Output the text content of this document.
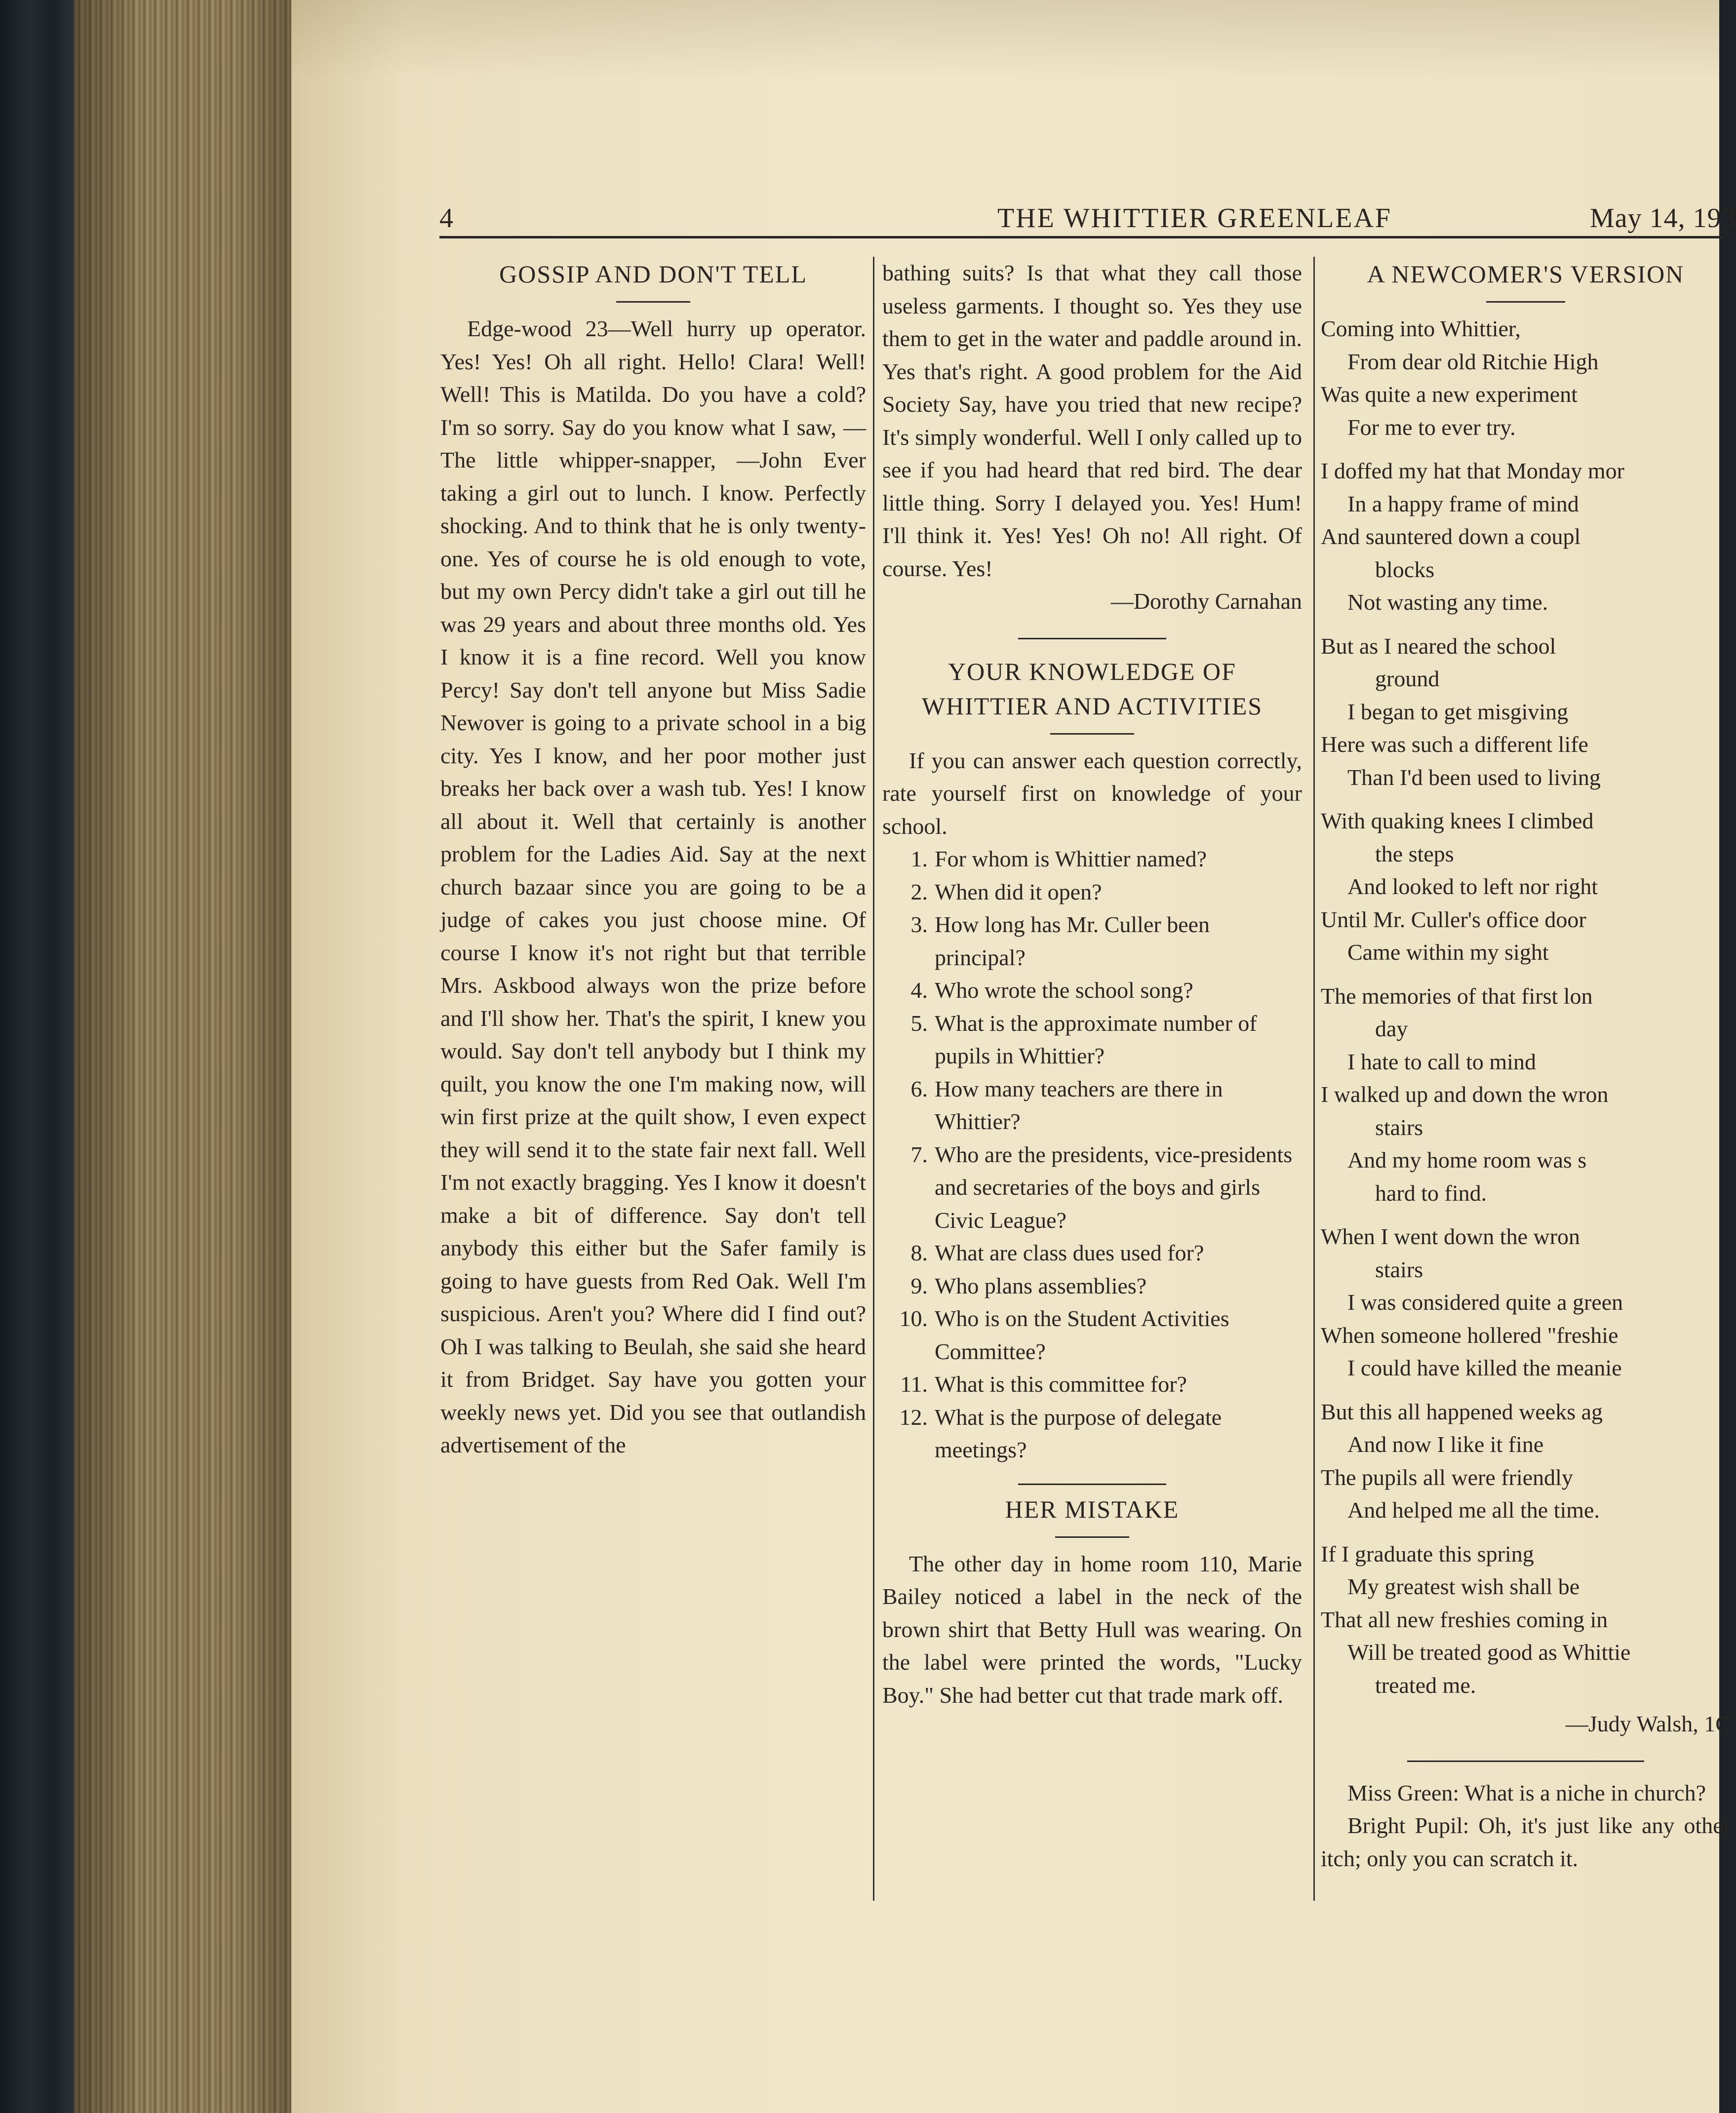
4	THE WHITTIER GREENLEAF	May 14, 193
GOSSIP AND DON'T TELL

Edge-wood 23—Well hurry up operator. Yes! Yes! Oh all right. Hello! Clara! Well! Well! This is Matilda. Do you have a cold? I'm so sorry. Say do you know what I saw, —The little whipper-snapper, —John Ever taking a girl out to lunch. I know. Perfectly shocking. And to think that he is only twenty-one. Yes of course he is old enough to vote, but my own Percy didn't take a girl out till he was 29 years and about three months old. Yes I know it is a fine record. Well you know Percy! Say don't tell anyone but Miss Sadie Newover is going to a private school in a big city. Yes I know, and her poor mother just breaks her back over a wash tub. Yes! I know all about it. Well that certainly is another problem for the Ladies Aid. Say at the next church bazaar since you are going to be a judge of cakes you just choose mine. Of course I know it's not right but that terrible Mrs. Askbood always won the prize before and I'll show her. That's the spirit, I knew you would. Say don't tell anybody but I think my quilt, you know the one I'm making now, will win first prize at the quilt show, I even expect they will send it to the state fair next fall. Well I'm not exactly bragging. Yes I know it doesn't make a bit of difference. Say don't tell anybody this either but the Safer family is going to have guests from Red Oak. Well I'm suspicious. Aren't you? Where did I find out? Oh I was talking to Beulah, she said she heard it from Bridget. Say have you gotten your weekly news yet. Did you see that outlandish advertisement of the

bathing suits? Is that what they call those useless garments. I thought so. Yes they use them to get in the water and paddle around in. Yes that's right. A good problem for the Aid Society Say, have you tried that new recipe? It's simply wonderful. Well I only called up to see if you had heard that red bird. The dear little thing. Sorry I delayed you. Yes! Hum! I'll think it. Yes! Yes! Oh no! All right. Of course. Yes!

—Dorothy Carnahan

YOUR KNOWLEDGE OF
WHITTIER AND ACTIVITIES

If you can answer each question correctly, rate yourself first on knowledge of your school.

1. For whom is Whittier named?
2. When did it open?
3. How long has Mr. Culler been principal?
4. Who wrote the school song?
5. What is the approximate number of pupils in Whittier?
6. How many teachers are there in Whittier?
7. Who are the presidents, vice-presidents and secretaries of the boys and girls Civic League?
8. What are class dues used for?
9. Who plans assemblies?
10. Who is on the Student Activities Committee?
11. What is this committee for?
12. What is the purpose of delegate meetings?
HER MISTAKE

The other day in home room 110, Marie Bailey noticed a label in the neck of the brown shirt that Betty Hull was wearing. On the label were printed the words, "Lucky Boy." She had better cut that trade mark off.

A NEWCOMER'S VERSION
Coming into Whittier,
From dear old Ritchie High
Was quite a new experiment
For me to ever try.
I doffed my hat that Monday mor
In a happy frame of mind
And sauntered down a coupl
blocks
Not wasting any time.
But as I neared the school
ground
I began to get misgiving
Here was such a different life
Than I'd been used to living
With quaking knees I climbed
the steps
And looked to left nor right
Until Mr. Culler's office door
Came within my sight
The memories of that first lon
day
I hate to call to mind
I walked up and down the wron
stairs
And my home room was s
hard to find.
When I went down the wron
stairs
I was considered quite a green
When someone hollered "freshie
I could have killed the meanie
But this all happened weeks ag
And now I like it fine
The pupils all were friendly
And helped me all the time.
If I graduate this spring
My greatest wish shall be
That all new freshies coming in
Will be treated good as Whittie
treated me.

—Judy Walsh, 1C

Miss Green: What is a niche in church?

Bright Pupil: Oh, it's just like any other itch; only you can scratch it.
